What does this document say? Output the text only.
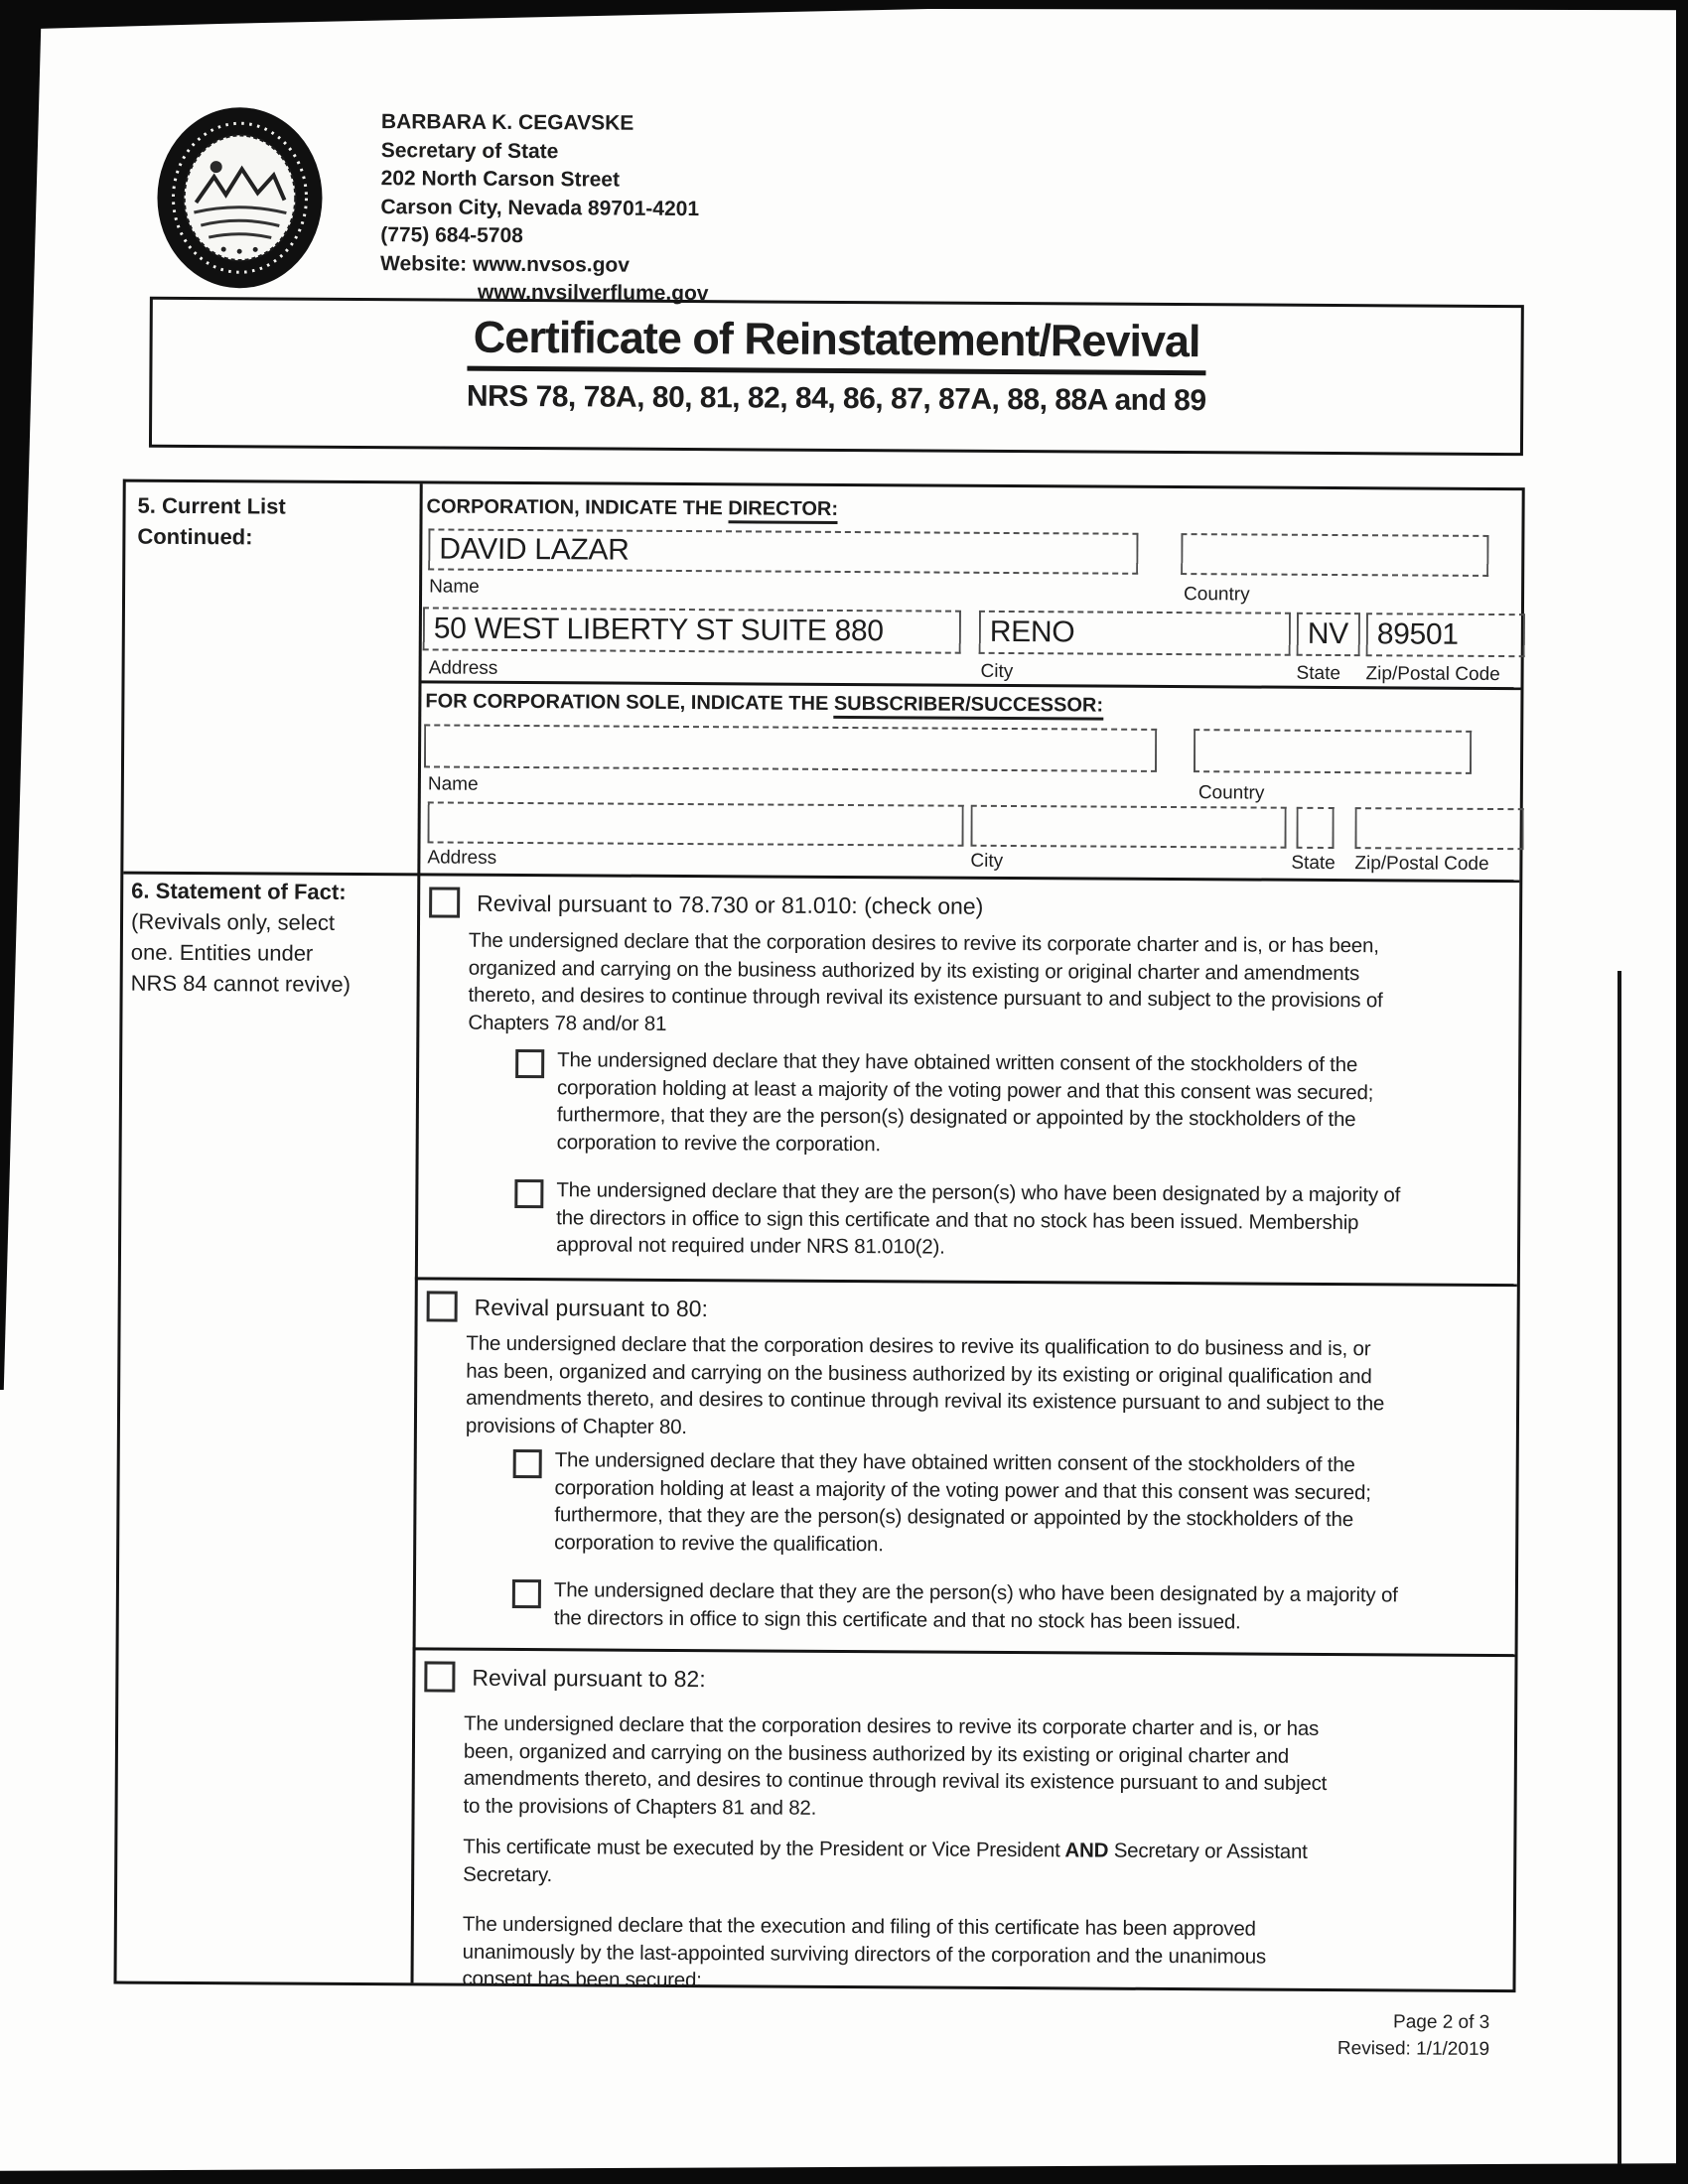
BARBARA K. CEGAVSKE
Secretary of State
202 North Carson Street
Carson City, Nevada 89701-4201
(775) 684-5708
Website: www.nvsos.gov
www.nvsilverflume.gov
Certificate of Reinstatement/Revival
NRS 78, 78A, 80, 81, 82, 84, 86, 87, 87A, 88, 88A and 89
5. Current List
Continued:
6. Statement of Fact:
(Revivals only, select
one. Entities under
NRS 84 cannot revive)
CORPORATION, INDICATE THE DIRECTOR:
DAVID LAZAR
Name	Country
50 WEST LIBERTY ST SUITE 880	RENO	NV 89501
Address	City	State Zip/Postal Code
FOR CORPORATION SOLE, INDICATE THE SUBSCRIBER/SUCCESSOR:
Name	Country
Address	City	State Zip/Postal Code
Revival pursuant to 78.730 or 81.010: (check one)
The undersigned declare that the corporation desires to revive its corporate charter and is, or has been,
organized and carrying on the business authorized by its existing or original charter and amendments
thereto, and desires to continue through revival its existence pursuant to and subject to the provisions of
Chapters 78 and/or 81
The undersigned declare that they have obtained written consent of the stockholders of the
corporation holding at least a majority of the voting power and that this consent was secured;
furthermore, that they are the person(s) designated or appointed by the stockholders of the
corporation to revive the corporation.
The undersigned declare that they are the person(s) who have been designated by a majority of
the directors in office to sign this certificate and that no stock has been issued. Membership
approval not required under NRS 81.010(2).
Revival pursuant to 80:
The undersigned declare that the corporation desires to revive its qualification to do business and is, or
has been, organized and carrying on the business authorized by its existing or original qualification and
amendments thereto, and desires to continue through revival its existence pursuant to and subject to the
provisions of Chapter 80.
The undersigned declare that they have obtained written consent of the stockholders of the
corporation holding at least a majority of the voting power and that this consent was secured;
furthermore, that they are the person(s) designated or appointed by the stockholders of the
corporation to revive the qualification.
The undersigned declare that they are the person(s) who have been designated by a majority of
the directors in office to sign this certificate and that no stock has been issued.
Revival pursuant to 82:
The undersigned declare that the corporation desires to revive its corporate charter and is, or has
been, organized and carrying on the business authorized by its existing or original charter and
amendments thereto, and desires to continue through revival its existence pursuant to and subject
to the provisions of Chapters 81 and 82.
This certificate must be executed by the President or Vice President AND Secretary or Assistant
Secretary.
The undersigned declare that the execution and filing of this certificate has been approved
unanimously by the last-appointed surviving directors of the corporation and the unanimous
consent has been secured:
Page 2 of 3
Revised: 1/1/2019
